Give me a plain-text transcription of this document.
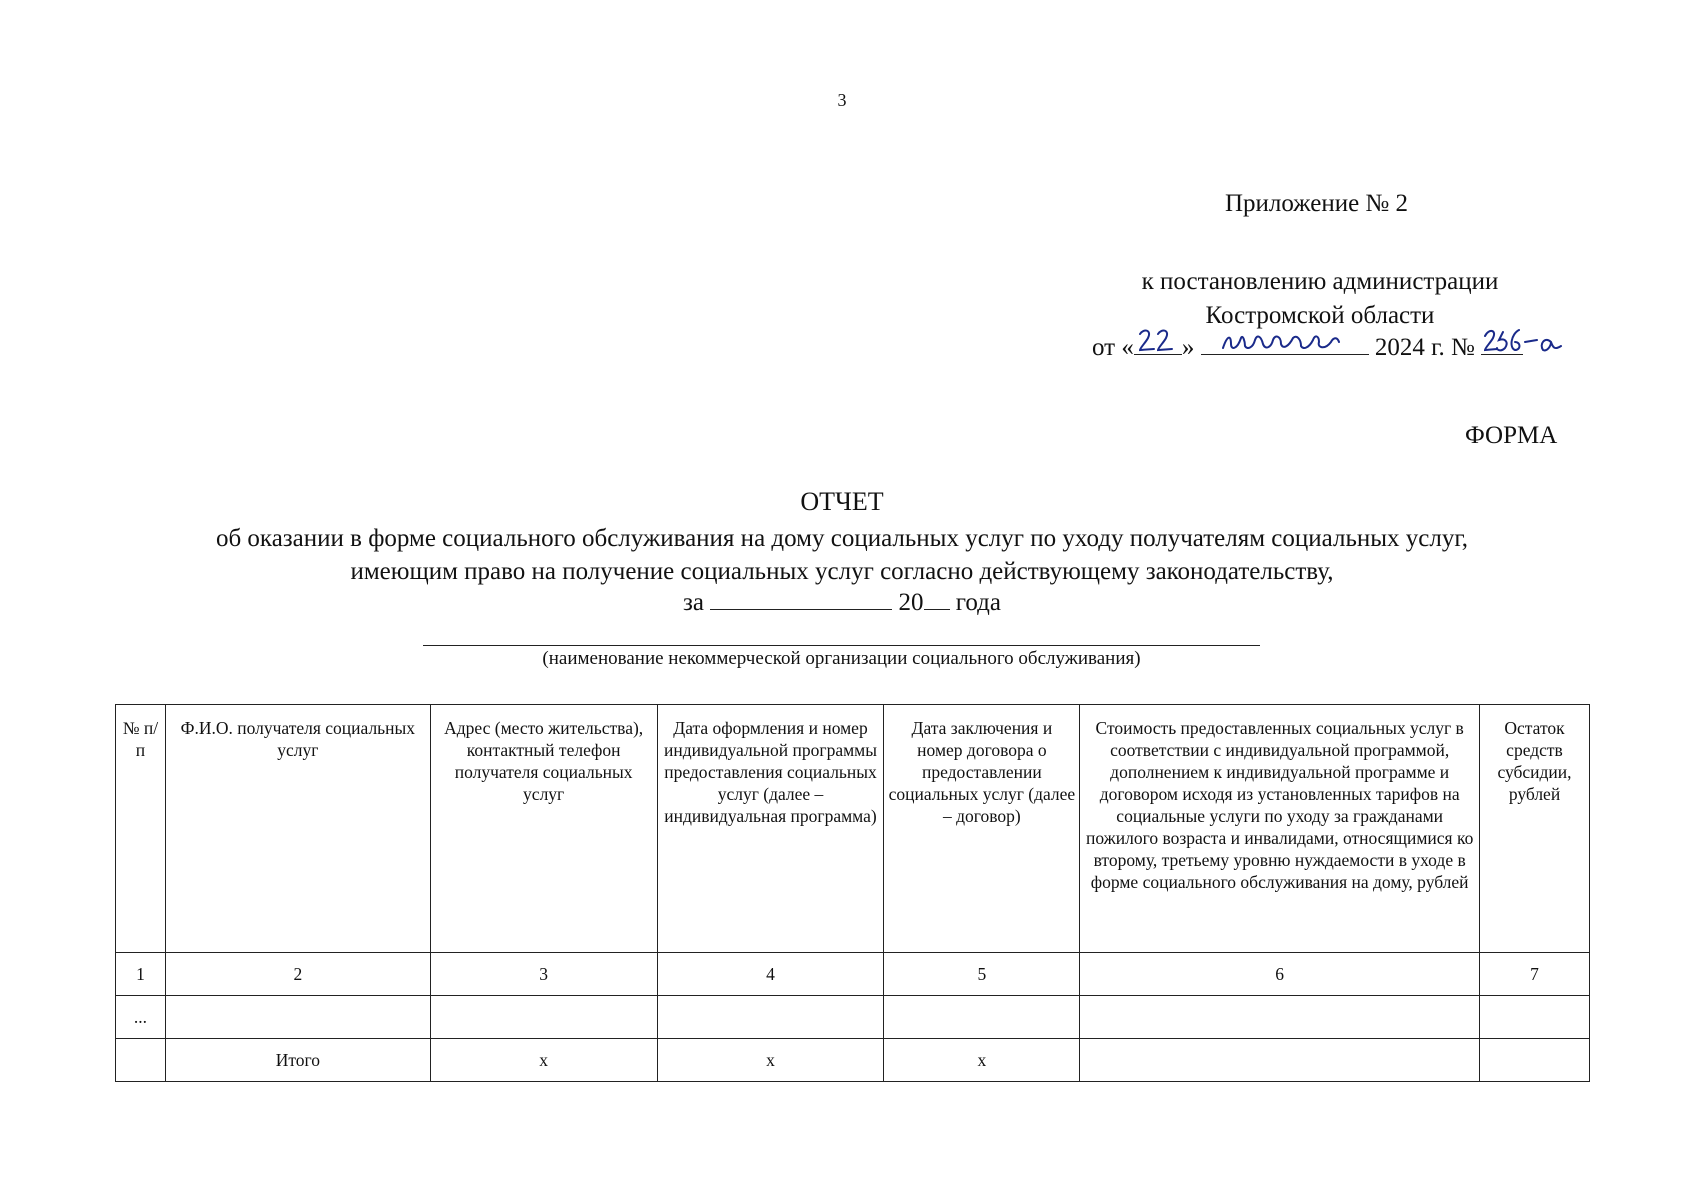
3
Приложение № 2
к постановлению администрации
Костромской области
от « »	2024 г. №
ФОРМА
ОТЧЕТ
об оказании в форме социального обслуживания на дому социальных услуг по уходу получателям социальных услуг,
имеющим право на получение социальных услуг согласно действующему законодательству,
за	20 года
(наименование некоммерческой организации социального обслуживания)
№ п/п	Ф.И.О. получателя социальных услуг	Адрес (место жительства), контактный телефон получателя социальных услуг	Дата оформления и номер индивидуальной программы предоставления социальных услуг (далее – индивидуальная программа)	Дата заключения и номер договора о предоставлении социальных услуг (далее – договор)	Стоимость предоставленных социальных услуг в соответствии с индивидуальной программой, дополнением к индивидуальной программе и договором исходя из установленных тарифов на социальные услуги по уходу за гражданами пожилого возраста и инвалидами, относящимися ко второму, третьему уровню нуждаемости в уходе в форме социального обслуживания на дому, рублей	Остаток средств субсидии, рублей
1	2	3	4	5	6	7
...						
	Итого	х	х	х		
